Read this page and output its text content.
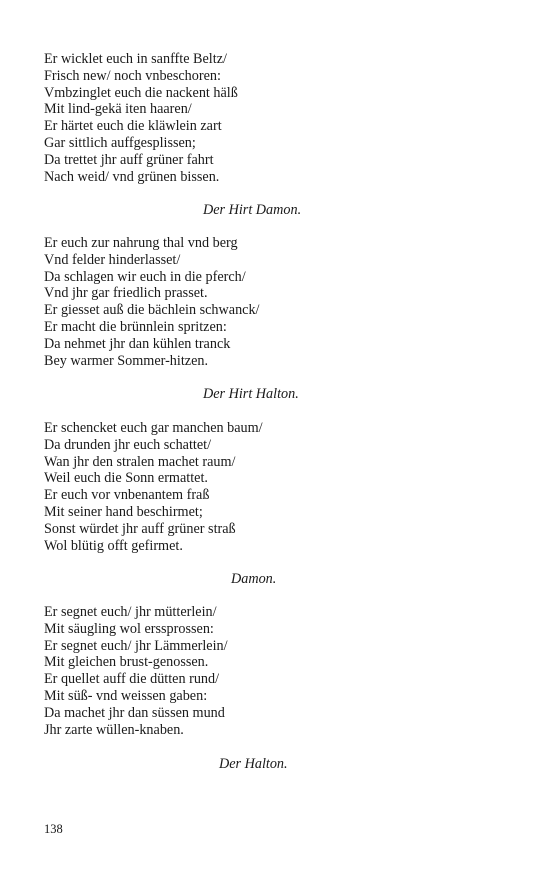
Er wicklet euch in sanffte Beltz/
Frisch new/ noch vnbeschoren:
Vmbzinglet euch die nackent hälß
Mit lind-gekä iten haaren/
Er härtet euch die kläwlein zart
Gar sittlich auffgesplissen;
Da trettet jhr auff grüner fahrt
Nach weid/ vnd grünen bissen.
Der Hirt Damon.
Er euch zur nahrung thal vnd berg
Vnd felder hinderlasset/
Da schlagen wir euch in die pferch/
Vnd jhr gar friedlich prasset.
Er giesset auß die bächlein schwanck/
Er macht die brünnlein spritzen:
Da nehmet jhr dan kühlen tranck
Bey warmer Sommer-hitzen.
Der Hirt Halton.
Er schencket euch gar manchen baum/
Da drunden jhr euch schattet/
Wan jhr den stralen machet raum/
Weil euch die Sonn ermattet.
Er euch vor vnbenantem fraß
Mit seiner hand beschirmet;
Sonst würdet jhr auff grüner straß
Wol blütig offt gefirmet.
Damon.
Er segnet euch/ jhr mütterlein/
Mit säugling wol erssprossen:
Er segnet euch/ jhr Lämmerlein/
Mit gleichen brust-genossen.
Er quellet auff die dütten rund/
Mit süß- vnd weissen gaben:
Da machet jhr dan süssen mund
Jhr zarte wüllen-knaben.
Der Halton.
138
